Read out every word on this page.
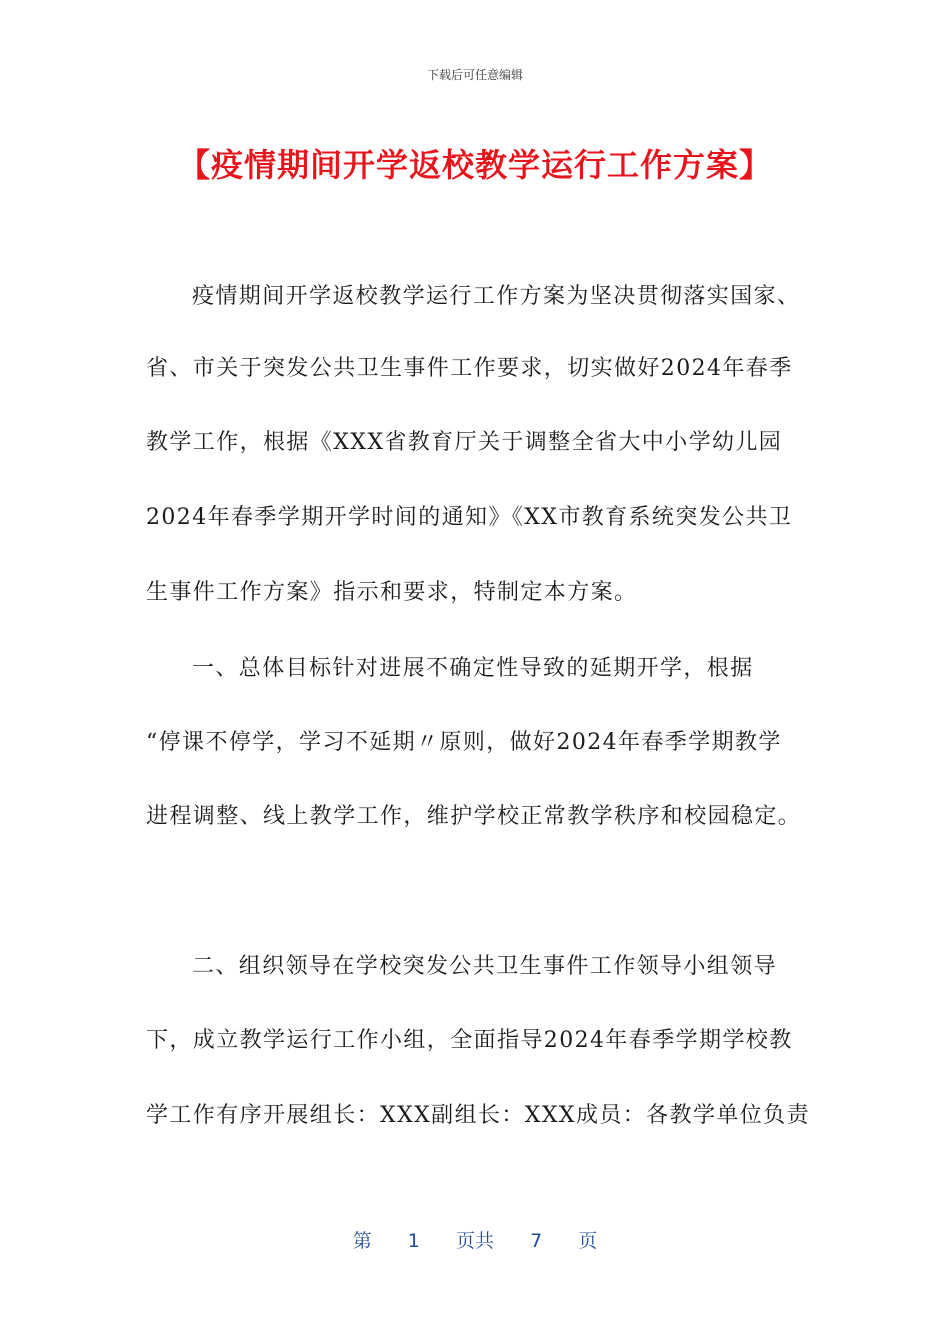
下载后可任意编辑
【疫情期间开学返校教学运行工作方案】
疫情期间开学返校教学运行工作方案为坚决贯彻落实国家、
省、市关于突发公共卫生事件工作要求，切实做好2024年春季
教学工作，根据《XXX省教育厅关于调整全省大中小学幼儿园
2024年春季学期开学时间的通知》《XX市教育系统突发公共卫
生事件工作方案》指示和要求，特制定本方案。
一、总体目标针对进展不确定性导致的延期开学，根据
“停课不停学，学习不延期〃原则，做好2024年春季学期教学
进程调整、线上教学工作，维护学校正常教学秩序和校园稳定。
二、组织领导在学校突发公共卫生事件工作领导小组领导
下，成立教学运行工作小组，全面指导2024年春季学期学校教
学工作有序开展组长：XXX副组长：XXX成员：各教学单位负责
第 1 页共 7 页
